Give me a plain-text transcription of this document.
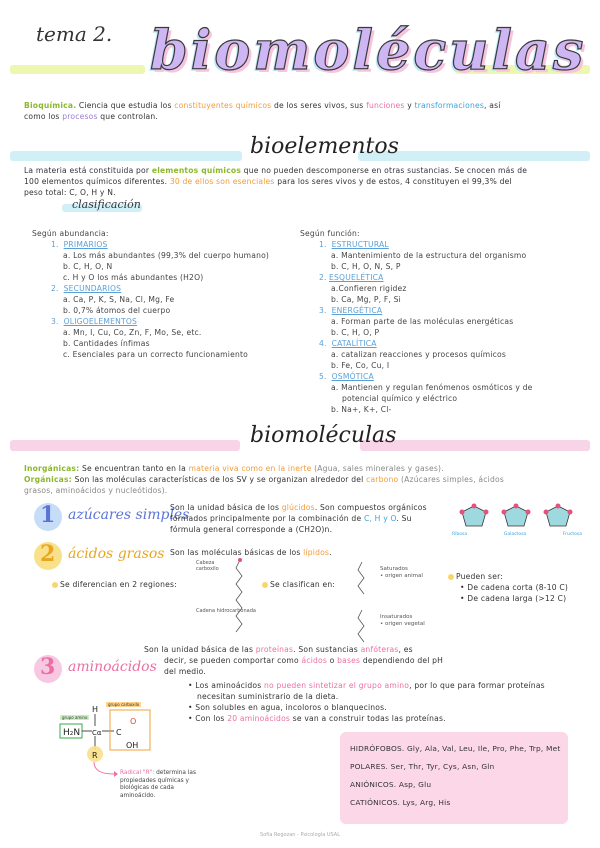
tema 2. biomoléculas
Bioquímica. Ciencia que estudia los constituyentes químicos de los seres vivos, sus funciones y transformaciones, así
como los procesos que controlan.
bioelementos
La materia está constituida por elementos químicos que no pueden descomponerse en otras sustancias. Se cnocen más de
100 elementos químicos diferentes. 30 de ellos son esenciales para los seres vivos y de estos, 4 constituyen el 99,3% del
peso total: C, O, H y N.
clasificación
Según abundancia:
1. PRIMARIOS
a. Los más abundantes (99,3% del cuerpo humano)
b. C, H, O, N
c. H y O los más abundantes (H2O)
2. SECUNDARIOS
a. Ca, P, K, S, Na, Cl, Mg, Fe
b. 0,7% átomos del cuerpo
3. OLIGOELEMENTOS
a. Mn, I, Cu, Co, Zn, F, Mo, Se, etc.
b. Cantidades ínfimas
c. Esenciales para un correcto funcionamiento
Según función:
1. ESTRUCTURAL
a. Mantenimiento de la estructura del organismo
b. C, H, O, N, S, P
2. ESQUELÉTICA
a.Confieren rigidez
b. Ca, Mg, P, F, Si
3. ENERGÉTICA
a. Forman parte de las moléculas energéticas
b. C, H, O, P
4. CATALÍTICA
a. catalizan reacciones y procesos químicos
b. Fe, Co, Cu, I
5. OSMÓTICA
a. Mantienen y regulan fenómenos osmóticos y de
potencial químico y eléctrico
b. Na+, K+, Cl-
biomoléculas
Inorgánicas: Se encuentran tanto en la materia viva como en la inerte (Agua, sales minerales y gases).
Orgánicas: Son las moléculas características de los SV y se organizan alrededor del carbono (Azúcares simples, ácidos
grasos, aminoácidos y nucleótidos).
1 azúcares simples
Son la unidad básica de los glúcidos. Son compuestos orgánicos
formados principalmente por la combinación de C, H y O. Su
fórmula general corresponde a (CH2O)n.
Ribosa	Galactosa	Fructosa
2 ácidos grasos Son las moléculas básicas de los lípidos.
Se diferencian en 2 regiones:
Cabeza carboxilo
Cadena hidrocarbonada
Se clasifican en:
Saturados
• origen animal
Insaturados
• origen vegetal
Pueden ser:
• De cadena corta (8-10 C)
• De cadena larga (>12 C)
3 aminoácidos
Son la unidad básica de las proteínas. Son sustancias anfóteras, es
decir, se pueden comportar como ácidos o bases dependiendo del pH
del medio.
• Los aminoácidos no pueden sintetizar el grupo amino, por lo que para formar proteínas
necesitan suministrario de la dieta.
• Son solubles en agua, incoloros o blanquecinos.
• Con los 20 aminoácidos se van a construir todas las proteínas.
grupo amino
grupo carboxilo
H₂N
H
Cα C
O
OH
R
Radical "R": determina las
propiedades químicas y
biológicas de cada
aminoácido.
HIDRÓFOBOS. Gly, Ala, Val, Leu, Ile, Pro, Phe, Trp, Met
POLARES. Ser, Thr, Tyr, Cys, Asn, Gln
ANIÓNICOS. Asp, Glu
CATIÓNICOS. Lys, Arg, His
Sofía Regozan - Psicología USAL
